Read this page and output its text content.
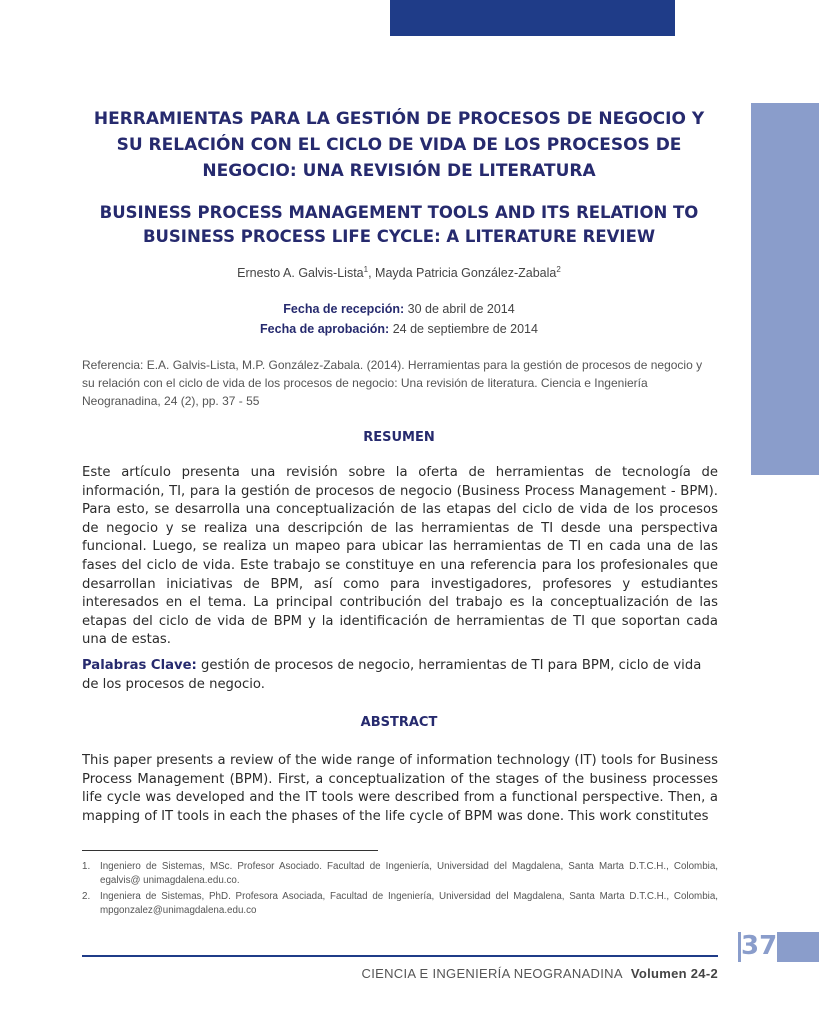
HERRAMIENTAS PARA LA GESTIÓN DE PROCESOS DE NEGOCIO Y SU RELACIÓN CON EL CICLO DE VIDA DE LOS PROCESOS DE NEGOCIO: UNA REVISIÓN DE LITERATURA
BUSINESS PROCESS MANAGEMENT TOOLS AND ITS RELATION TO BUSINESS PROCESS LIFE CYCLE: A LITERATURE REVIEW
Ernesto A. Galvis-Lista$^1$, Mayda Patricia González-Zabala$^2$
Fecha de recepción: 30 de abril de 2014
Fecha de aprobación: 24 de septiembre de 2014

Referencia: E.A. Galvis-Lista, M.P. González-Zabala. (2014). Herramientas para la gestión de procesos de negocio y su relación con el ciclo de vida de los procesos de negocio: Una revisión de literatura. Ciencia e Ingeniería Neogranadina, 24 (2), pp. 37 - 55

RESUMEN

Este artículo presenta una revisión sobre la oferta de herramientas de tecnología de información, TI, para la gestión de procesos de negocio (Business Process Management - BPM). Para esto, se desarrolla una conceptualización de las etapas del ciclo de vida de los procesos de negocio y se realiza una descripción de las herramientas de TI desde una perspectiva funcional. Luego, se realiza un mapeo para ubicar las herramientas de TI en cada una de las fases del ciclo de vida. Este trabajo se constituye en una referencia para los profesionales que desarrollan iniciativas de BPM, así como para investigadores, profesores y estudiantes interesados en el tema. La principal contribución del trabajo es la conceptualización de las etapas del ciclo de vida de BPM y la identificación de herramientas de TI que soportan cada una de estas.

Palabras Clave: gestión de procesos de negocio, herramientas de TI para BPM, ciclo de vida de los procesos de negocio.

ABSTRACT

This paper presents a review of the wide range of information technology (IT) tools for Business Process Management (BPM). First, a conceptualization of the stages of the business processes life cycle was developed and the IT tools were described from a functional perspective. Then, a mapping of IT tools in each the phases of the life cycle of BPM was done. This work constitutes

1.	Ingeniero de Sistemas, MSc. Profesor Asociado. Facultad de Ingeniería, Universidad del Magdalena, Santa Marta D.T.C.H., Colombia, egalvis@ unimagdalena.edu.co.
2.	Ingeniera de Sistemas, PhD. Profesora Asociada, Facultad de Ingeniería, Universidad del Magdalena, Santa Marta D.T.C.H., Colombia, mpgonzalez@unimagdalena.edu.co
37
CIENCIA E INGENIERÍA NEOGRANADINA Volumen 24-2
